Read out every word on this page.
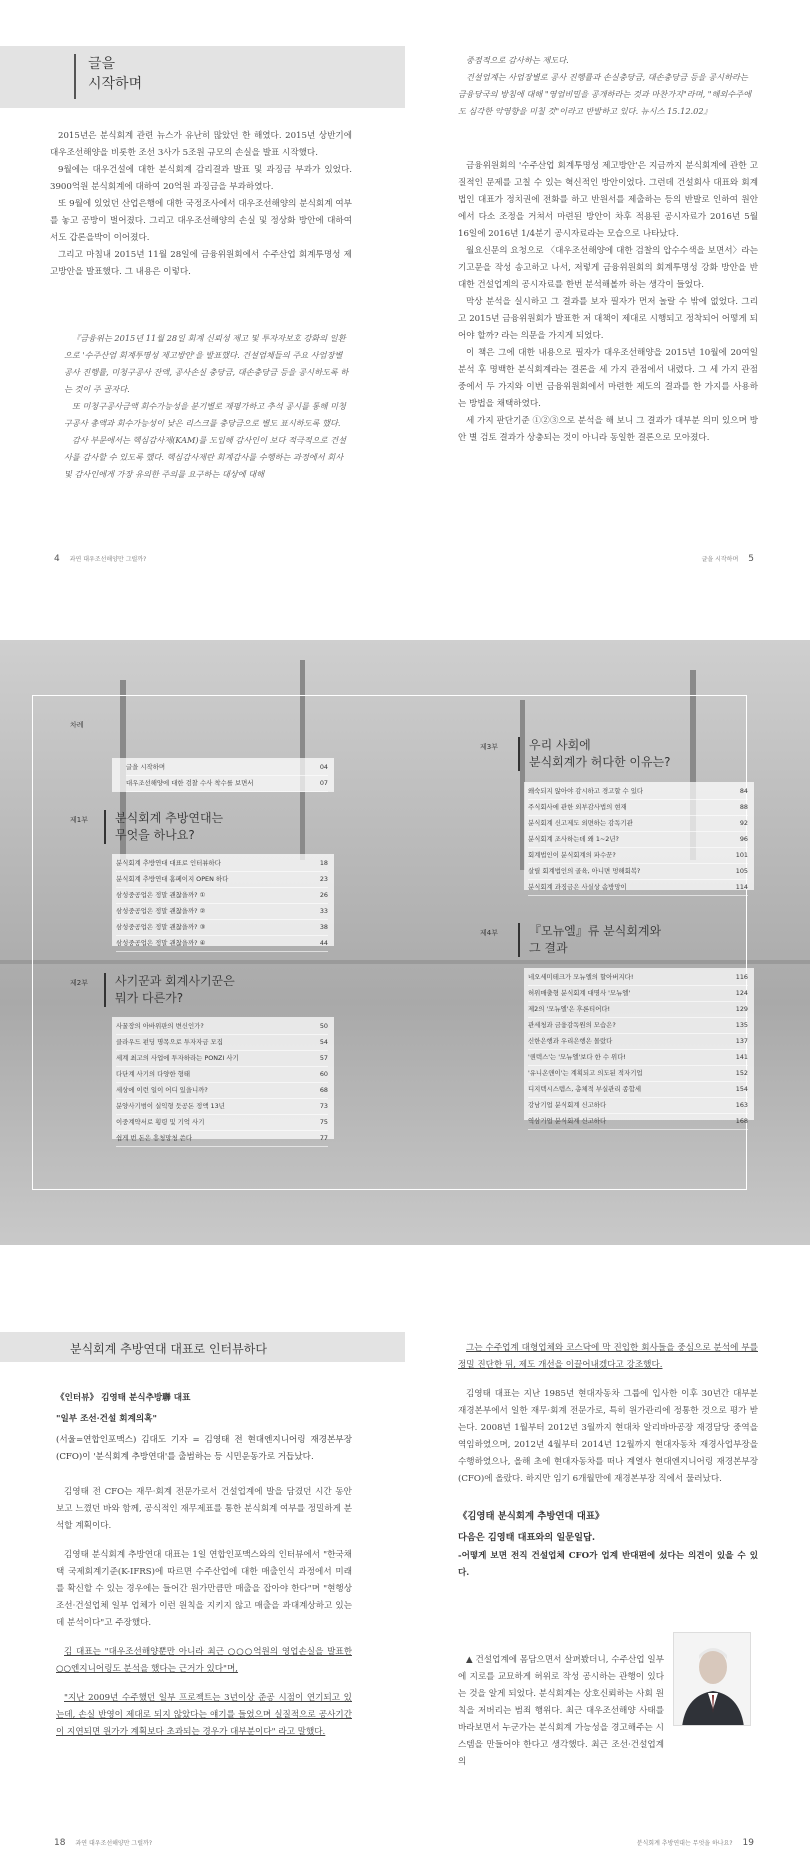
글을
시작하며

2015년은 분식회계 관련 뉴스가 유난히 많았던 한 해였다. 2015년 상반기에 대우조선해양을 비롯한 조선 3사가 5조원 규모의 손실을 발표 시작했다.

9월에는 대우건설에 대한 분식회계 감리결과 발표 및 과징금 부과가 있었다. 3900억원 분식회계에 대하여 20억원 과징금을 부과하였다.

또 9월에 있었던 산업은행에 대한 국정조사에서 대우조선해양의 분식회계 여부를 놓고 공방이 벌어졌다. 그리고 대우조선해양의 손실 및 정상화 방안에 대하여서도 갑론을박이 이어졌다.

그리고 마침내 2015년 11월 28일에 금융위원회에서 수주산업 회계투명성 제고방안을 발표했다. 그 내용은 이렇다.

『금융위는 2015년 11월 28일 회계 신뢰성 제고 및 투자자보호 강화의 일환으로 '수주산업 회계투명성 제고방안'을 발표했다. 건설업체들의 주요 사업장별 공사 진행률, 미청구공사 잔액, 공사손실 충당금, 대손충당금 등을 공시하도록 하는 것이 주 골자다.

또 미청구공사금액 회수가능성을 분기별로 재평가하고 추석 공시를 통해 미청구공사 총액과 회수가능성이 낮은 리스크를 충당금으로 별도 표시하도록 했다.

감사 부문에서는 핵심감사제(KAM)를 도입해 감사인이 보다 적극적으로 건설사를 감사할 수 있도록 했다. 핵심감사제란 회계감사를 수행하는 과정에서 회사 및 감사인에게 가장 유의한 주의를 요구하는 대상에 대해

중점적으로 감사하는 제도다.

건설업계는 사업장별로 공사 진행률과 손실충당금, 대손충당금 등을 공시하라는 금융당국의 방침에 대해 "영업비밀을 공개하라는 것과 마찬가지"라며, "해외수주에도 심각한 악영향을 미칠 것"이라고 반발하고 있다. 뉴시스 15.12.02』

금융위원회의 '수주산업 회계투명성 제고방안'은 지금까지 분식회계에 관한 고질적인 문제를 고칠 수 있는 혁신적인 방안이었다. 그런데 건설회사 대표와 회계법인 대표가 정치권에 전화를 하고 반원서를 제출하는 등의 반발로 인하여 원안에서 다소 조정을 거쳐서 마련된 방안이 차후 적용된 공시자료가 2016년 5월 16일에 2016년 1/4분기 공시자료라는 모습으로 나타났다.

월요신문의 요청으로 〈대우조선해양에 대한 검찰의 압수수색을 보면서〉라는 기고문을 작성 송고하고 나서, 저렇게 금융위원회의 회계투명성 강화 방안을 반대한 건설업계의 공시자료를 한번 분석해볼까 하는 생각이 들었다.

막상 분석을 실시하고 그 결과를 보자 필자가 먼저 놀랄 수 밖에 없었다. 그리고 2015년 금융위원회가 발표한 저 대책이 제대로 시행되고 정착되어 어떻게 되어야 할까? 라는 의문을 가지게 되었다.

이 책은 그에 대한 내용으로 필자가 대우조선해양을 2015년 10월에 20여일 분석 후 명백한 분식회계라는 결론을 세 가지 관점에서 내렸다. 그 세 가지 관점 중에서 두 가지와 이번 금융위원회에서 마련한 제도의 결과를 한 가지를 사용하는 방법을 채택하였다.

세 가지 판단기준 ①②③으로 분석을 해 보니 그 결과가 대부분 의미 있으며 방안 별 검토 결과가 상충되는 것이 아니라 동일한 결론으로 모아졌다.

4 과연 대우조선해양만 그럴까?	글을 시작하며 5
차례
글을 시작하며	04
대우조선해양에 대한 검찰 수사 착수를 보면서	07
제1부	분식회계 추방연대는
무엇을 하나요?
분식회계 추방연대 대표로 인터뷰하다	18
분식회계 추방연대 홈페이지 OPEN 하다	23
삼성중공업은 정말 괜찮을까? ①	26
삼성중공업은 정말 괜찮을까? ②	33
삼성중공업은 정말 괜찮을까? ③	38
삼성중공업은 정말 괜찮을까? ④	44
제2부	사기꾼과 회계사기꾼은
뭐가 다른가?
사꿀장의 아바위판의 변신인가?	50
클라우드 펀딩 명목으로 투자자금 모집	54
세계 최고의 사업에 투자하라는 PONZI 사기	57
다단계 사기의 다양한 형태	60
세상에 이런 일이 어디 있을니까?	68
분양사기범이 실익형 듯공돈 정액 13년	73
이중계약서로 횡령 및 기억 사기	75
쉽게 번 돈은 흥청망청 쓴다	77
제3부	우리 사회에
분식회계가 허다한 이유는?
왜숙되지 않아야 감시하고 경고할 수 있다	84
주식회사에 관한 외부감사법의 현재	88
분식회계 신고제도 외면하는 감독기관	92
분식회계 조사하는데 왜 1~2년?	96
회계법인이 분식회계의 파수꾼?	101
살릴 회계법인의 골육, 아니면 멍해회복?	105
분식회계 과징금은 사실상 솜방망이	114
제4부	『모뉴엘』류 분식회계와
그 결과
네오세미테크가 모뉴엘의 할아버지다!	116
허위매출형 분식회계 대명사 '모뉴엘'	124
제2의 '모뉴엘'은 후론티어다!	129
관세청과 금융감독원의 모습은?	135
신한은행과 우리은행은 몰랐다	137
'퀀텍스'는 '모뉴엘'보다 한 수 위다!	141
'유니온앤이'는 계획되고 의도된 적자기업	152
디지텍시스템스, 총체적 부실관리 종합세	154
강남기업 분식회계 신고하다	163
역삼기업 분식회계 신고하다	168
분식회계 추방연대 대표로 인터뷰하다
《인터뷰》 김영태 분식추방聯 대표
"일부 조선·건설 회계의혹"
(서울=연합인포맥스) 김대도 기자 = 김영태 전 현대엔지니어링 재경본부장(CFO)이 '분식회계 추방연대'를 출범하는 등 시민운동가로 거듭났다.

김영태 전 CFO는 재무·회계 전문가로서 건설업계에 발을 담겼던 시간 동안 보고 느꼈던 바와 함께, 공식적인 재무제표를 통한 분식회계 여부를 정밀하게 분석할 계획이다.

김영태 분식회계 추방연대 대표는 1일 연합인포맥스와의 인터뷰에서 "한국채택 국제회계기준(K-IFRS)에 따르면 수주산업에 대한 매출인식 과정에서 미래를 확신할 수 있는 경우에는 들어간 원가만큼만 매출을 잡아야 한다"며 "현행상 조선·건설업체 일부 업체가 이런 원칙을 지키지 않고 매출을 과대계상하고 있는 데 분석이다"고 주장했다.

김 대표는 "대우조선해양뿐만 아니라 최근 ○○○억원의 영업손실을 발표한 ○○엔지니어링도 분석을 했다는 근거가 있다"며,

"지난 2009년 수주했던 일부 프로젝트는 3년이상 준공 시점이 연기되고 있는데, 손실 반영이 제대로 되지 않았다는 얘기를 들었으며 실질적으로 공사기간이 지연되면 원가가 계획보다 초과되는 경우가 대부분이다" 라고 말했다.

그는 수주업계 대형업체와 코스닥에 막 진입한 회사들을 중심으로 분석에 부를 정밀 진단한 뒤, 제도 개선을 이끌어내겠다고 강조했다.

김영태 대표는 지난 1985년 현대자동차 그룹에 입사한 이후 30년간 대부분 재경본부에서 일한 재무·회계 전문가로, 특히 원가관리에 정통한 것으로 평가 받는다. 2008년 1월부터 2012년 3월까지 현대차 알리바바공장 재경담당 중역을 역임하였으며, 2012년 4월부터 2014년 12월까지 현대자동차 재경사업부장을 수행하였으나, 올해 초에 현대자동차를 떠나 계열사 현대엔지니어링 재경본부장(CFO)에 올랐다. 하지만 임기 6개월만에 재경본부장 직에서 물러났다.

《김영태 분식회계 추방연대 대표》
다음은 김영태 대표와의 일문일답.
-어떻게 보면 전직 건설업체 CFO가 업계 반대편에 섰다는 의견이 있을 수 있다.

▲ 건설업계에 몸담으면서 살펴봤더니, 수주산업 일부에 지로를 교묘하게 허위로 작성 공시하는 관행이 있다는 것을 알게 되었다. 분식회계는 상호신뢰하는 사회 원칙을 저버리는 범죄 행위다. 최근 대우조선해양 사태를 바라보면서 누군가는 분식회계 가능성을 경고해주는 시스템을 만들어야 한다고 생각했다. 최근 조선·건설업계의

18 과연 대우조선해양만 그럴까?	분식회계 추방연대는 무엇을 하나요? 19
